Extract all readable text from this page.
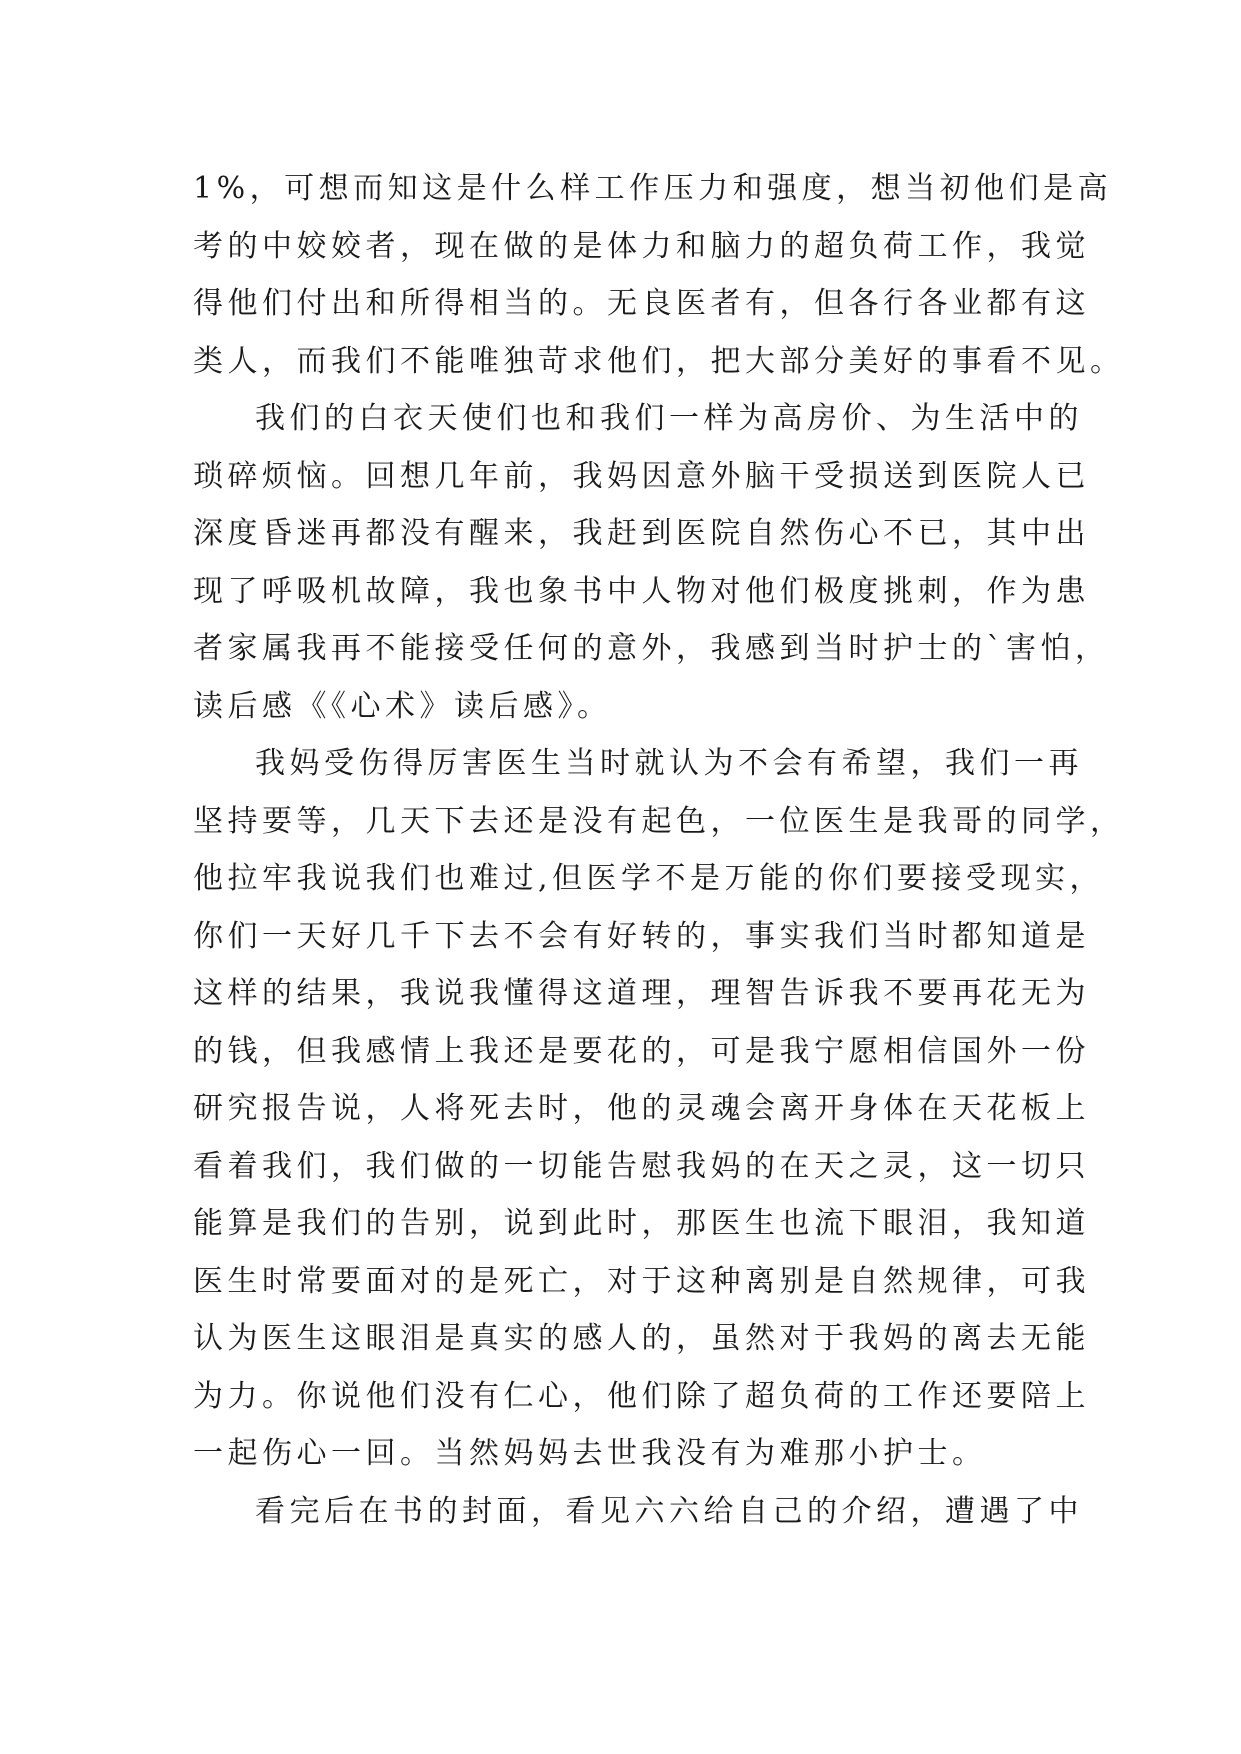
1%，可想而知这是什么样工作压力和强度，想当初他们是高
考的中姣姣者，现在做的是体力和脑力的超负荷工作，我觉
得他们付出和所得相当的。无良医者有，但各行各业都有这
类人，而我们不能唯独苛求他们，把大部分美好的事看不见。
我们的白衣天使们也和我们一样为高房价、为生活中的
琐碎烦恼。回想几年前，我妈因意外脑干受损送到医院人已
深度昏迷再都没有醒来，我赶到医院自然伤心不已，其中出
现了呼吸机故障，我也象书中人物对他们极度挑刺，作为患
者家属我再不能接受任何的意外，我感到当时护士的`害怕，
读后感《《心术》读后感》。
我妈受伤得厉害医生当时就认为不会有希望，我们一再
坚持要等，几天下去还是没有起色，一位医生是我哥的同学，
他拉牢我说我们也难过,但医学不是万能的你们要接受现实，
你们一天好几千下去不会有好转的，事实我们当时都知道是
这样的结果，我说我懂得这道理，理智告诉我不要再花无为
的钱，但我感情上我还是要花的，可是我宁愿相信国外一份
研究报告说，人将死去时，他的灵魂会离开身体在天花板上
看着我们，我们做的一切能告慰我妈的在天之灵，这一切只
能算是我们的告别，说到此时，那医生也流下眼泪，我知道
医生时常要面对的是死亡，对于这种离别是自然规律，可我
认为医生这眼泪是真实的感人的，虽然对于我妈的离去无能
为力。你说他们没有仁心，他们除了超负荷的工作还要陪上
一起伤心一回。当然妈妈去世我没有为难那小护士。
看完后在书的封面，看见六六给自己的介绍，遭遇了中
